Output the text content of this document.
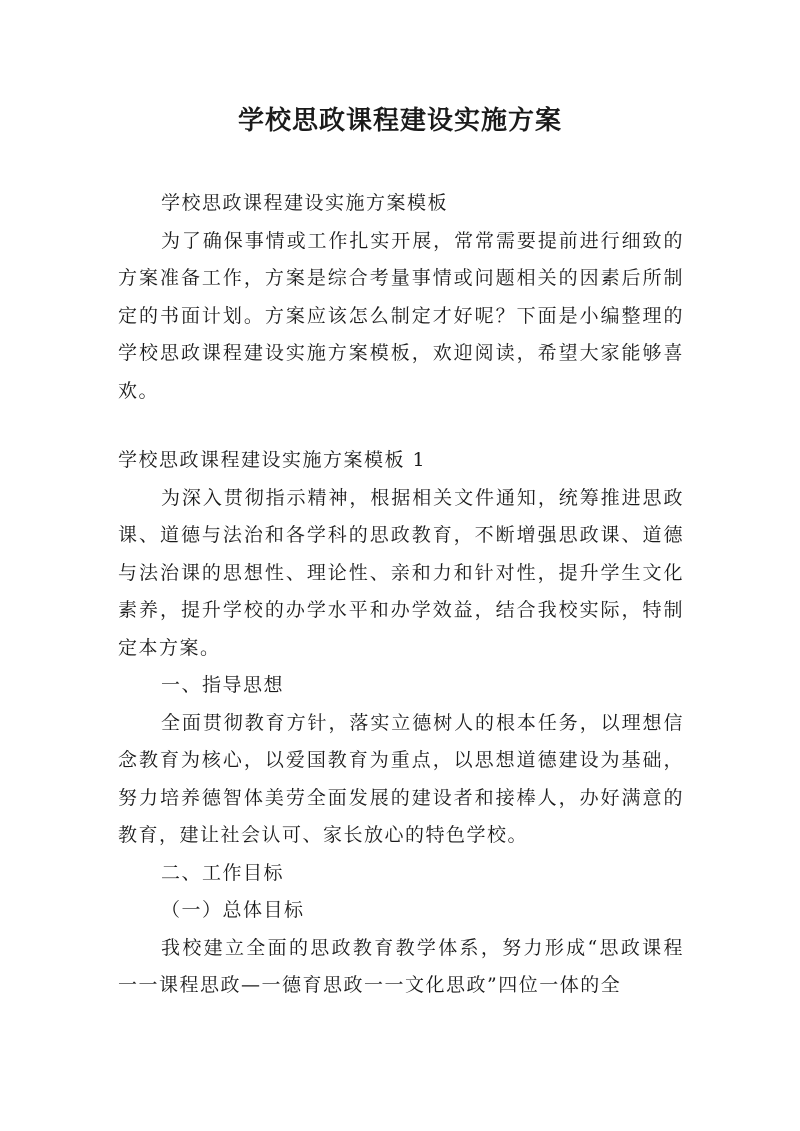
学校思政课程建设实施方案

学校思政课程建设实施方案模板

为了确保事情或工作扎实开展，常常需要提前进行细致的方案准备工作，方案是综合考量事情或问题相关的因素后所制定的书面计划。方案应该怎么制定才好呢？下面是小编整理的学校思政课程建设实施方案模板，欢迎阅读，希望大家能够喜欢。

学校思政课程建设实施方案模板 1

为深入贯彻指示精神，根据相关文件通知，统筹推进思政课、道德与法治和各学科的思政教育，不断增强思政课、道德与法治课的思想性、理论性、亲和力和针对性，提升学生文化素养，提升学校的办学水平和办学效益，结合我校实际，特制定本方案。

一、指导思想

全面贯彻教育方针，落实立德树人的根本任务，以理想信念教育为核心，以爱国教育为重点，以思想道德建设为基础，努力培养德智体美劳全面发展的建设者和接棒人，办好满意的教育，建让社会认可、家长放心的特色学校。

二、工作目标

（一）总体目标

我校建立全面的思政教育教学体系，努力形成“思政课程一一课程思政—一德育思政一一文化思政”四位一体的全
